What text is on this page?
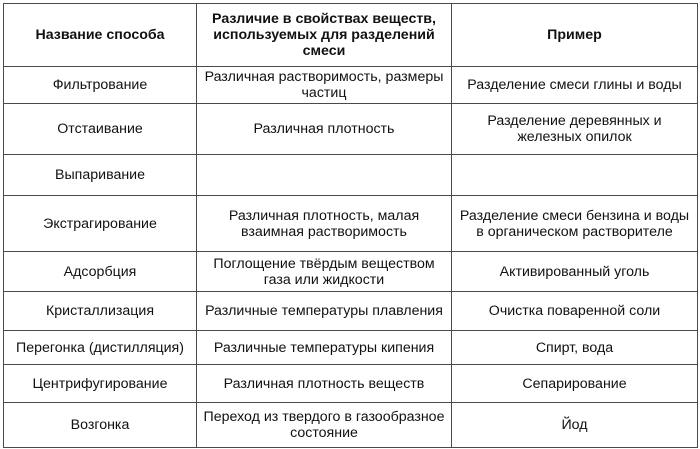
Название способа	Различие в свойствах веществ, используемых для разделений смеси	Пример
Фильтрование	Различная растворимость, размеры частиц	Разделение смеси глины и воды
Отстаивание	Различная плотность	Разделение деревянных и железных опилок
Выпаривание		
Экстрагирование	Различная плотность, малая взаимная растворимость	Разделение смеси бензина и воды в органическом растворителе
Адсорбция	Поглощение твёрдым веществом газа или жидкости	Активированный уголь
Кристаллизация	Различные температуры плавления	Очистка поваренной соли
Перегонка (дистилляция)	Различные температуры кипения	Спирт, вода
Центрифугирование	Различная плотность веществ	Сепарирование
Возгонка	Переход из твердого в газообразное состояние	Йод
